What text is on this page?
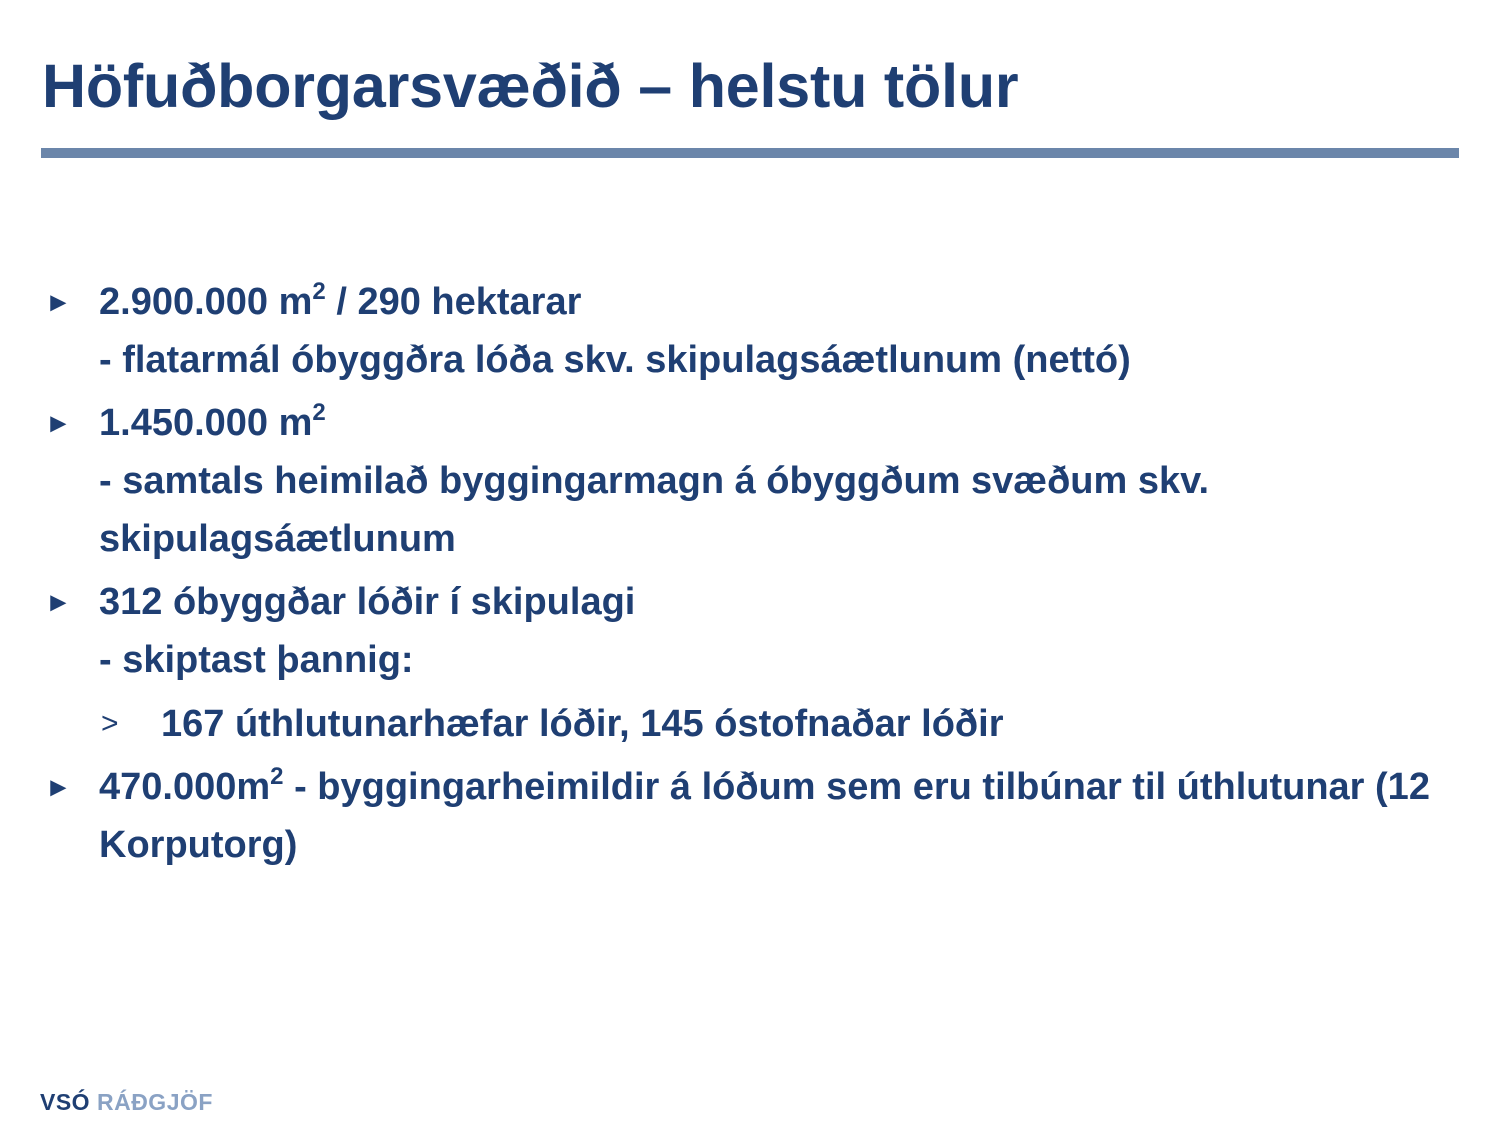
Höfuðborgarsvæðið – helstu tölur
► 2.900.000 $m^2 / 290$ hektarar
- flatarmál óbyggðra lóða skv. skipulagsáætlunum (nettó)
► 1.450.000 $m^2$
- samtals heimilað byggingarmagn á óbyggðum svæðum skv. skipulagsáætlunum
► 312 óbyggðar lóðir í skipulagi
- skiptast þannig:
> 167 úthlutunarhæfar lóðir, 145 óstofnaðar lóðir
► $470.000m^2$ - byggingarheimildir á lóðum sem eru tilbúnar til úthlutunar (12 Korputorg)
VSÓ RÁÐGJÖF
